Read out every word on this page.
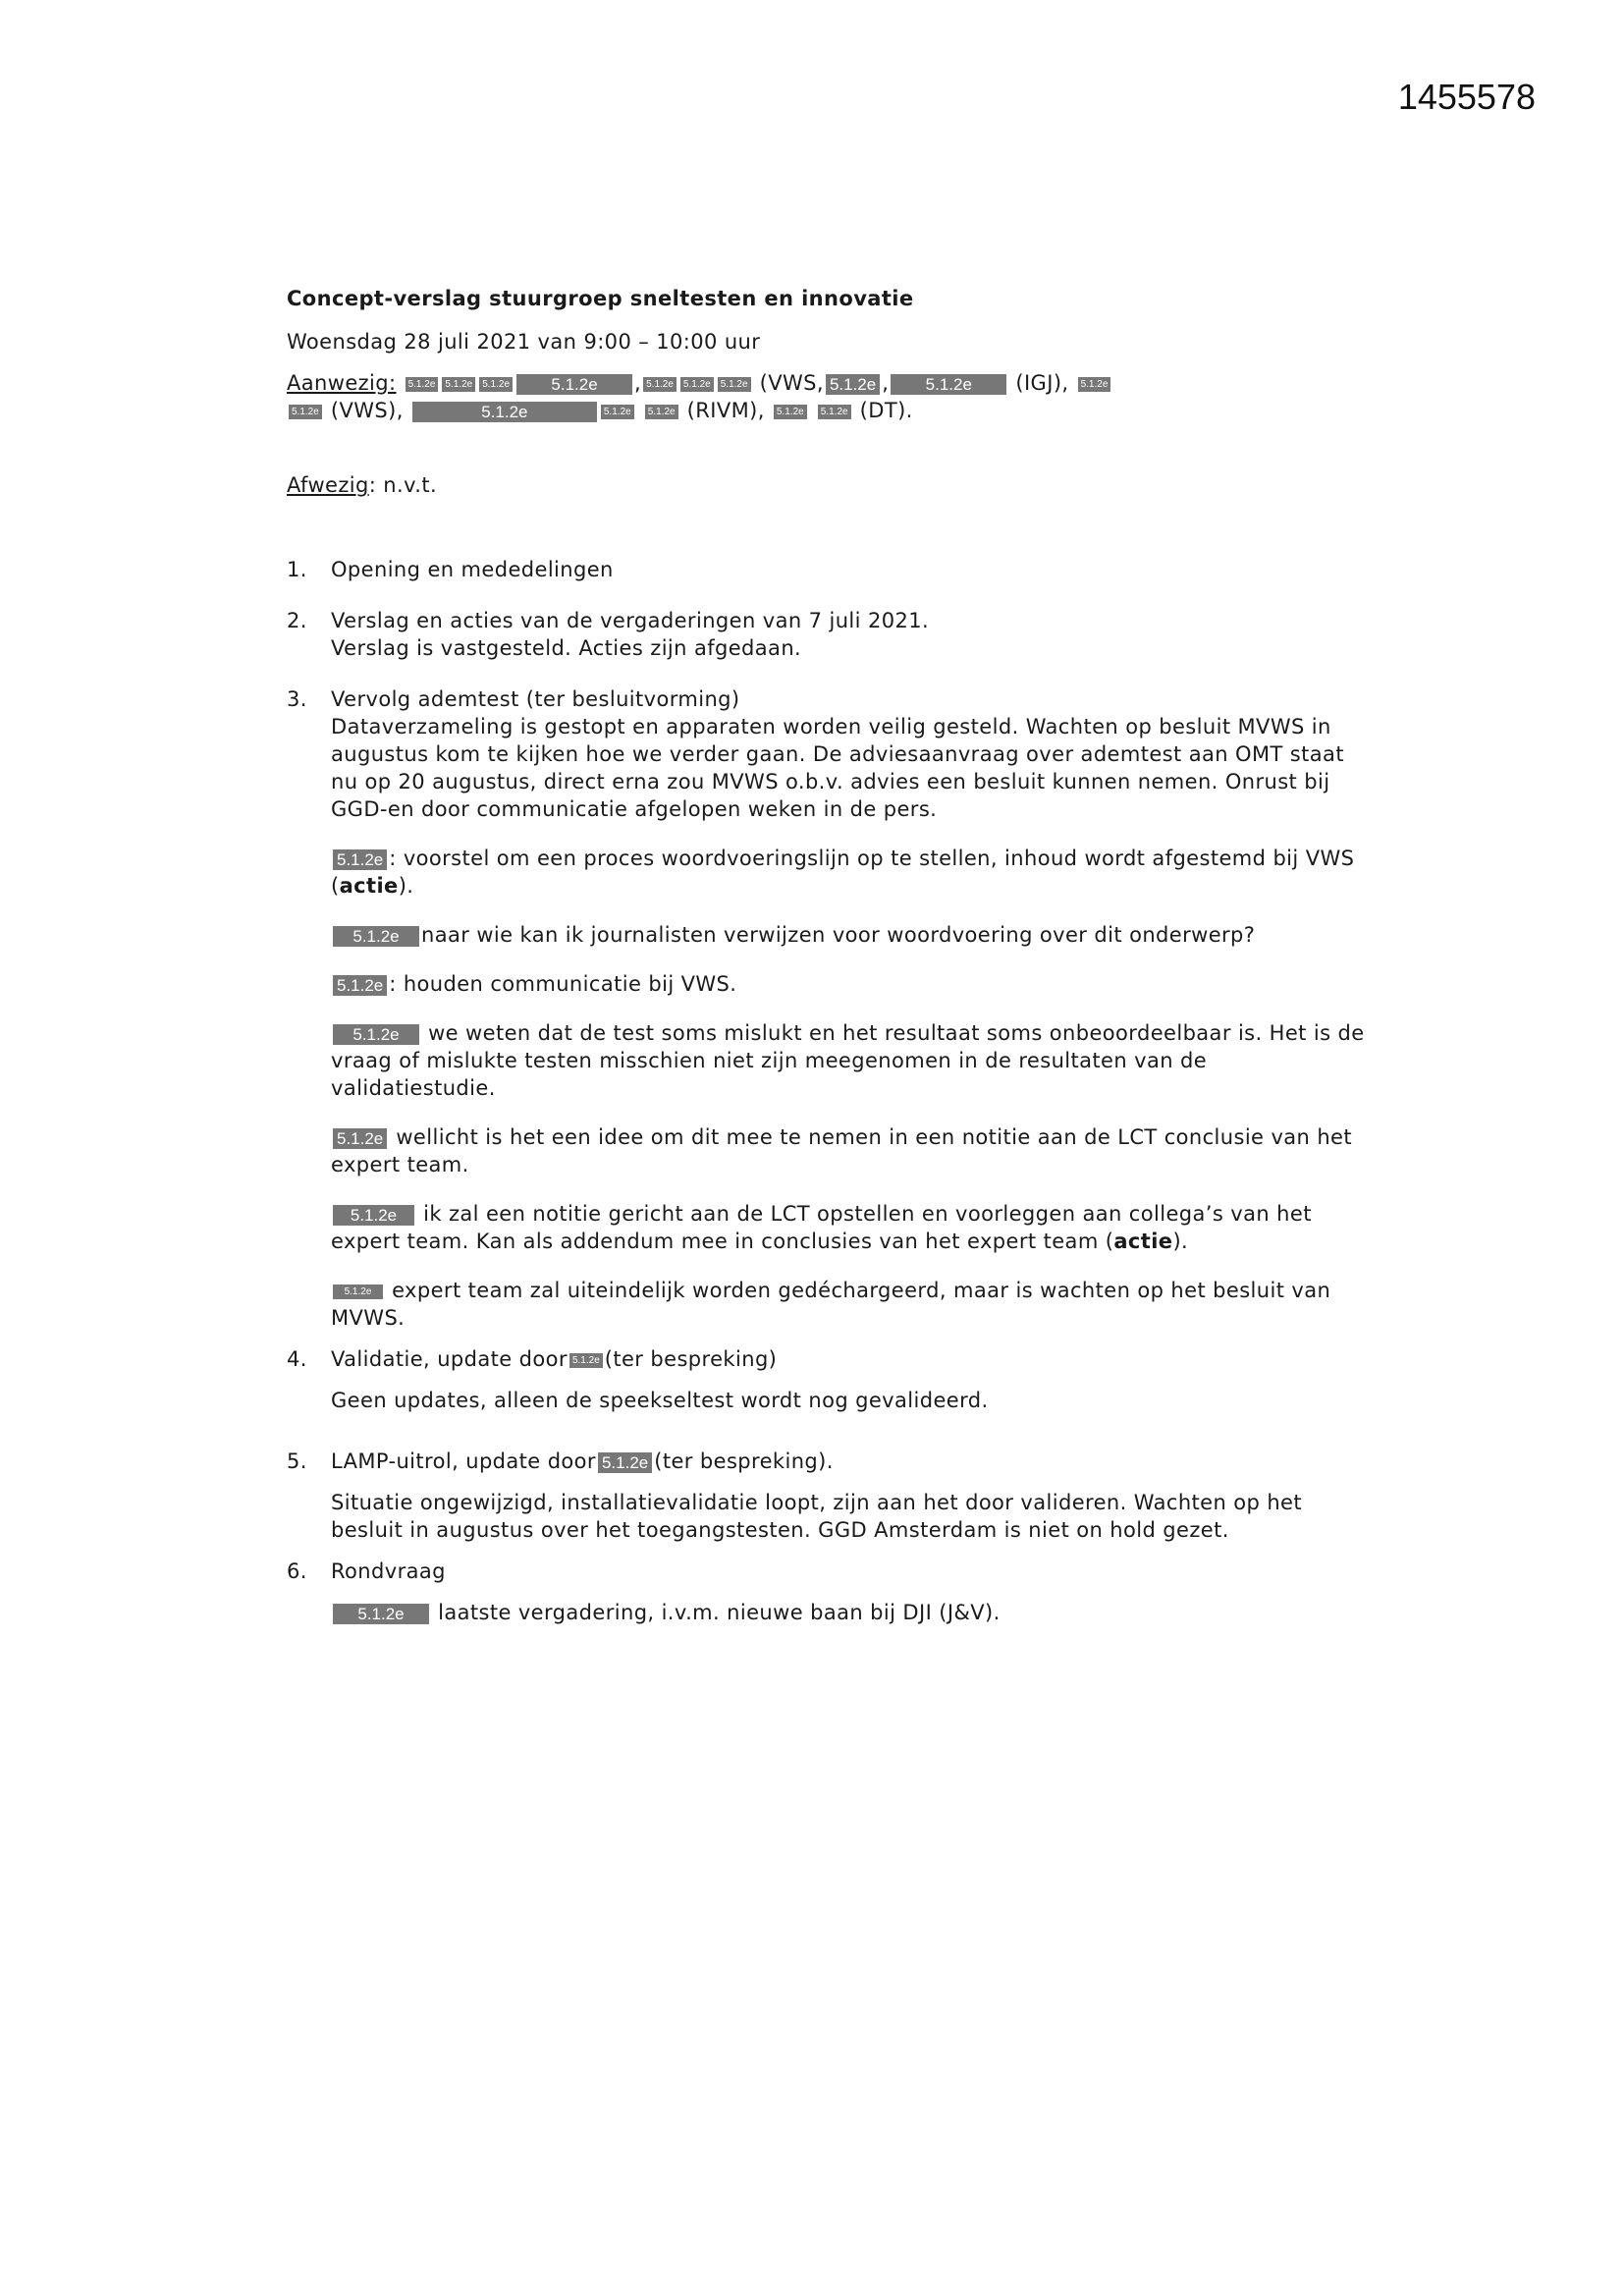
1455578
Concept-verslag stuurgroep sneltesten en innovatie
Woensdag 28 juli 2021 van 9:00 – 10:00 uur
Aanwezig: 5.1.2e 5.1.2e 5.1.2e 5.1.2e , 5.1.2e 5.1.2e 5.1.2e (VWS, 5.1.2e , 5.1.2e (IGJ), 5.1.2e
5.1.2e (VWS),	5.1.2e	5.1.2e 5.1.2e (RIVM), 5.1.2e 5.1.2e (DT).
Afwezig: n.v.t.
1. Opening en mededelingen
2. Verslag en acties van de vergaderingen van 7 juli 2021.
Verslag is vastgesteld. Acties zijn afgedaan.
3. Vervolg ademtest (ter besluitvorming)
Dataverzameling is gestopt en apparaten worden veilig gesteld. Wachten op besluit MVWS in augustus kom te kijken hoe we verder gaan. De adviesaanvraag over ademtest aan OMT staat nu op 20 augustus, direct erna zou MVWS o.b.v. advies een besluit kunnen nemen. Onrust bij GGD-en door communicatie afgelopen weken in de pers.
5.1.2e : voorstel om een proces woordvoeringslijn op te stellen, inhoud wordt afgestemd bij VWS (actie).
5.1.2e naar wie kan ik journalisten verwijzen voor woordvoering over dit onderwerp?
5.1.2e : houden communicatie bij VWS.
5.1.2e we weten dat de test soms mislukt en het resultaat soms onbeoordeelbaar is. Het is de vraag of mislukte testen misschien niet zijn meegenomen in de resultaten van de validatiestudie.
5.1.2e wellicht is het een idee om dit mee te nemen in een notitie aan de LCT conclusie van het expert team.
5.1.2e ik zal een notitie gericht aan de LCT opstellen en voorleggen aan collega’s van het expert team. Kan als addendum mee in conclusies van het expert team (actie).
5.1.2e expert team zal uiteindelijk worden gedéchargeerd, maar is wachten op het besluit van MVWS.
4. Validatie, update door 5.1.2e (ter bespreking)
Geen updates, alleen de speekseltest wordt nog gevalideerd.
5. LAMP-uitrol, update door 5.1.2e (ter bespreking).
Situatie ongewijzigd, installatievalidatie loopt, zijn aan het door valideren. Wachten op het besluit in augustus over het toegangstesten. GGD Amsterdam is niet on hold gezet.
6. Rondvraag
5.1.2e laatste vergadering, i.v.m. nieuwe baan bij DJI (J&V).
